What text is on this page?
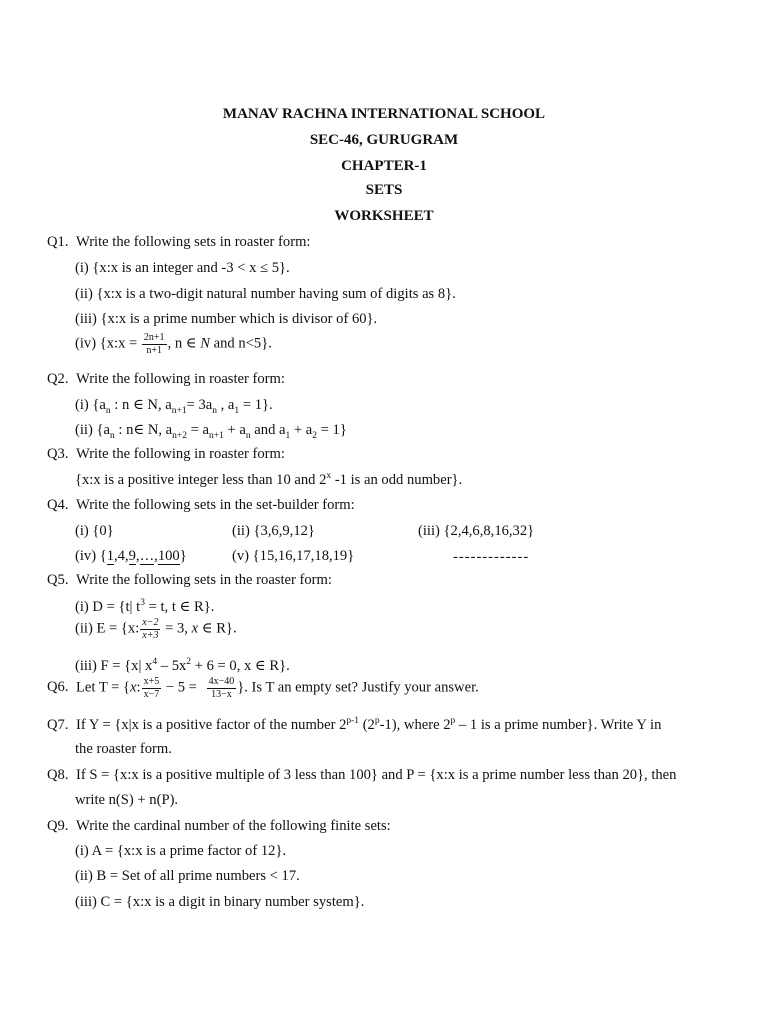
MANAV RACHNA INTERNATIONAL SCHOOL
SEC-46, GURUGRAM
CHAPTER-1
SETS
WORKSHEET
Q1. Write the following sets in roaster form:
(i) {x:x is an integer and -3 < x ≤ 5}.
(ii) {x:x is a two-digit natural number having sum of digits as 8}.
(iii) {x:x is a prime number which is divisor of 60}.
(iv) {x:x = $\frac{2n+1}{n+1}$ , n ∈ N and n<5}.
Q2. Write the following in roaster form:
(i) {$a_n$ : n ∈ N, $a_{n+1}= 3a_n$ , $a_1 = 1$}.
(ii) {$a_n$ : n∈ N, $a_{n+2} = a_{n+1} + a_n$ and $a_1 + a_2 = 1$}
Q3. Write the following in roaster form:
{x:x is a positive integer less than 10 and 2$^x$ -1 is an odd number}.
Q4. Write the following sets in the set-builder form:
(i) {0}	(ii) {3,6,9,12}	(iii) {2,4,6,8,16,32}
(iv) {1,4,9,…,100}	(v) {15,16,17,18,19}	-------------
Q5. Write the following sets in the roaster form:
(i) D = {t| $t^3 = t$, t ∈ R}.
(ii) E = {x: $\frac{x-2}{x+3} = 3$, x ∈ R}.
(iii) F = {x| $x^4 - 5x^2 + 6 = 0$, x ∈ R}.
Q6. Let T = {x: $\frac{x+5}{x-7} - 5 = \frac{4x-40}{13-x}$ }. Is T an empty set? Justify your answer.
Q7. If Y = {x|x is a positive factor of the number 2$^{p-1}$ (2$^p$-1), where 2$^p$ – 1 is a prime number}. Write Y in
the roaster form.
Q8. If S = {x:x is a positive multiple of 3 less than 100} and P = {x:x is a prime number less than 20}, then
write n(S) + n(P).
Q9. Write the cardinal number of the following finite sets:
(i) A = {x:x is a prime factor of 12}.
(ii) B = Set of all prime numbers < 17.
(iii) C = {x:x is a digit in binary number system}.
